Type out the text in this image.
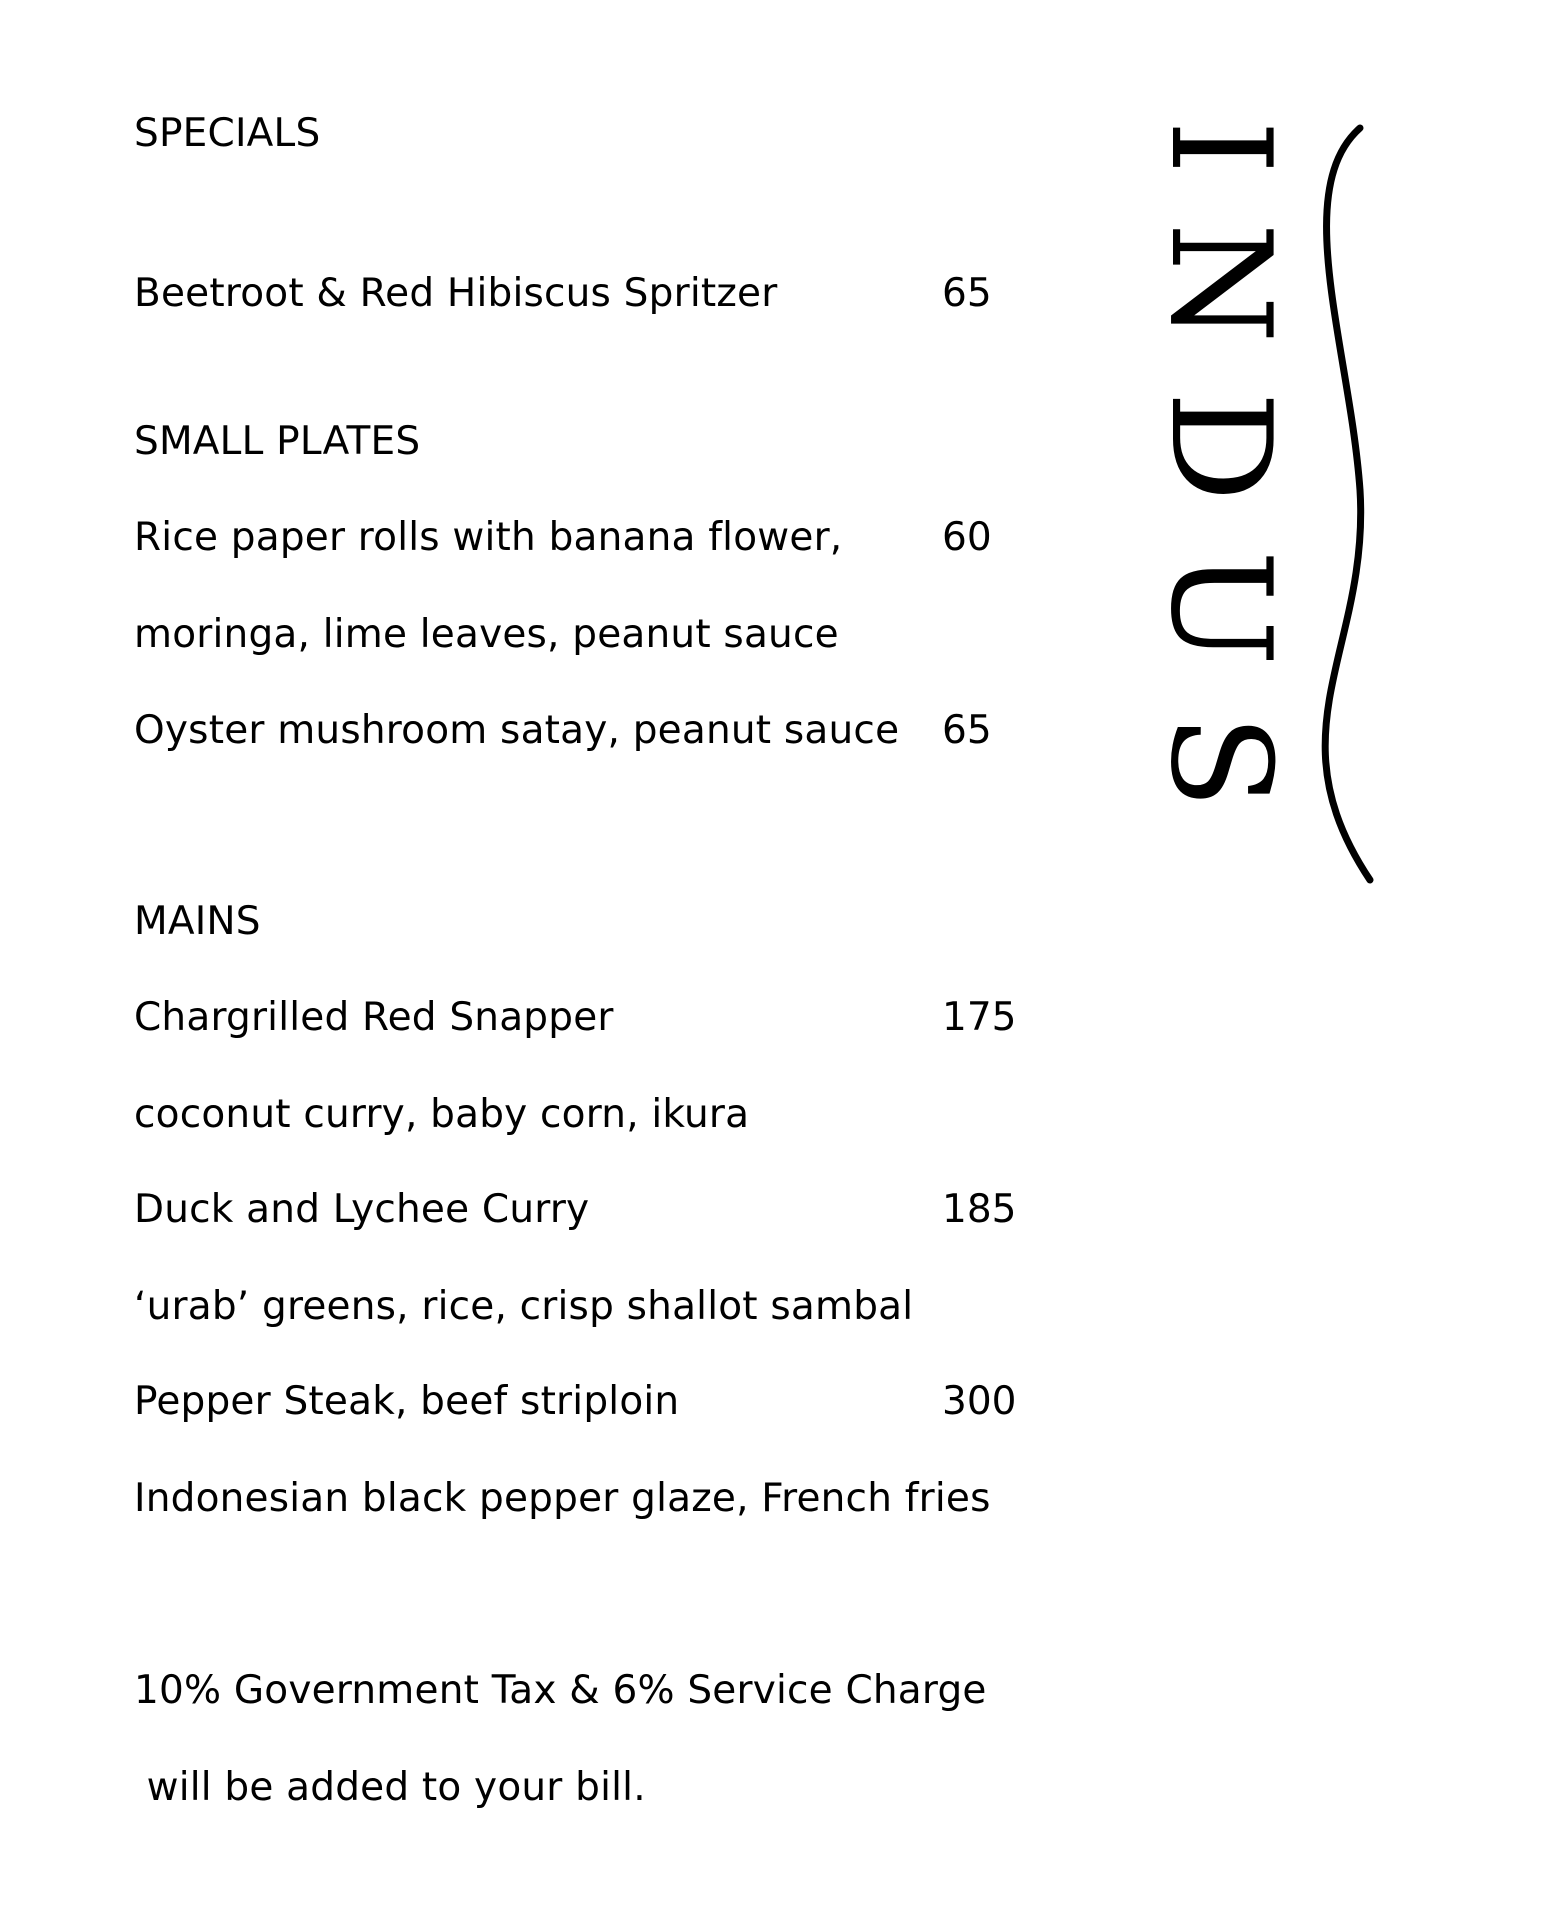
SPECIALS
Beetroot & Red Hibiscus Spritzer	65
SMALL PLATES
Rice paper rolls with banana flower,	60
moringa, lime leaves, peanut sauce
Oyster mushroom satay, peanut sauce 65
MAINS
Chargrilled Red Snapper	175
coconut curry, baby corn, ikura
Duck and Lychee Curry	185
‘urab’ greens, rice, crisp shallot sambal
Pepper Steak, beef striploin	300
Indonesian black pepper glaze, French fries
10% Government Tax & 6% Service Charge
will be added to your bill.
INDUS
